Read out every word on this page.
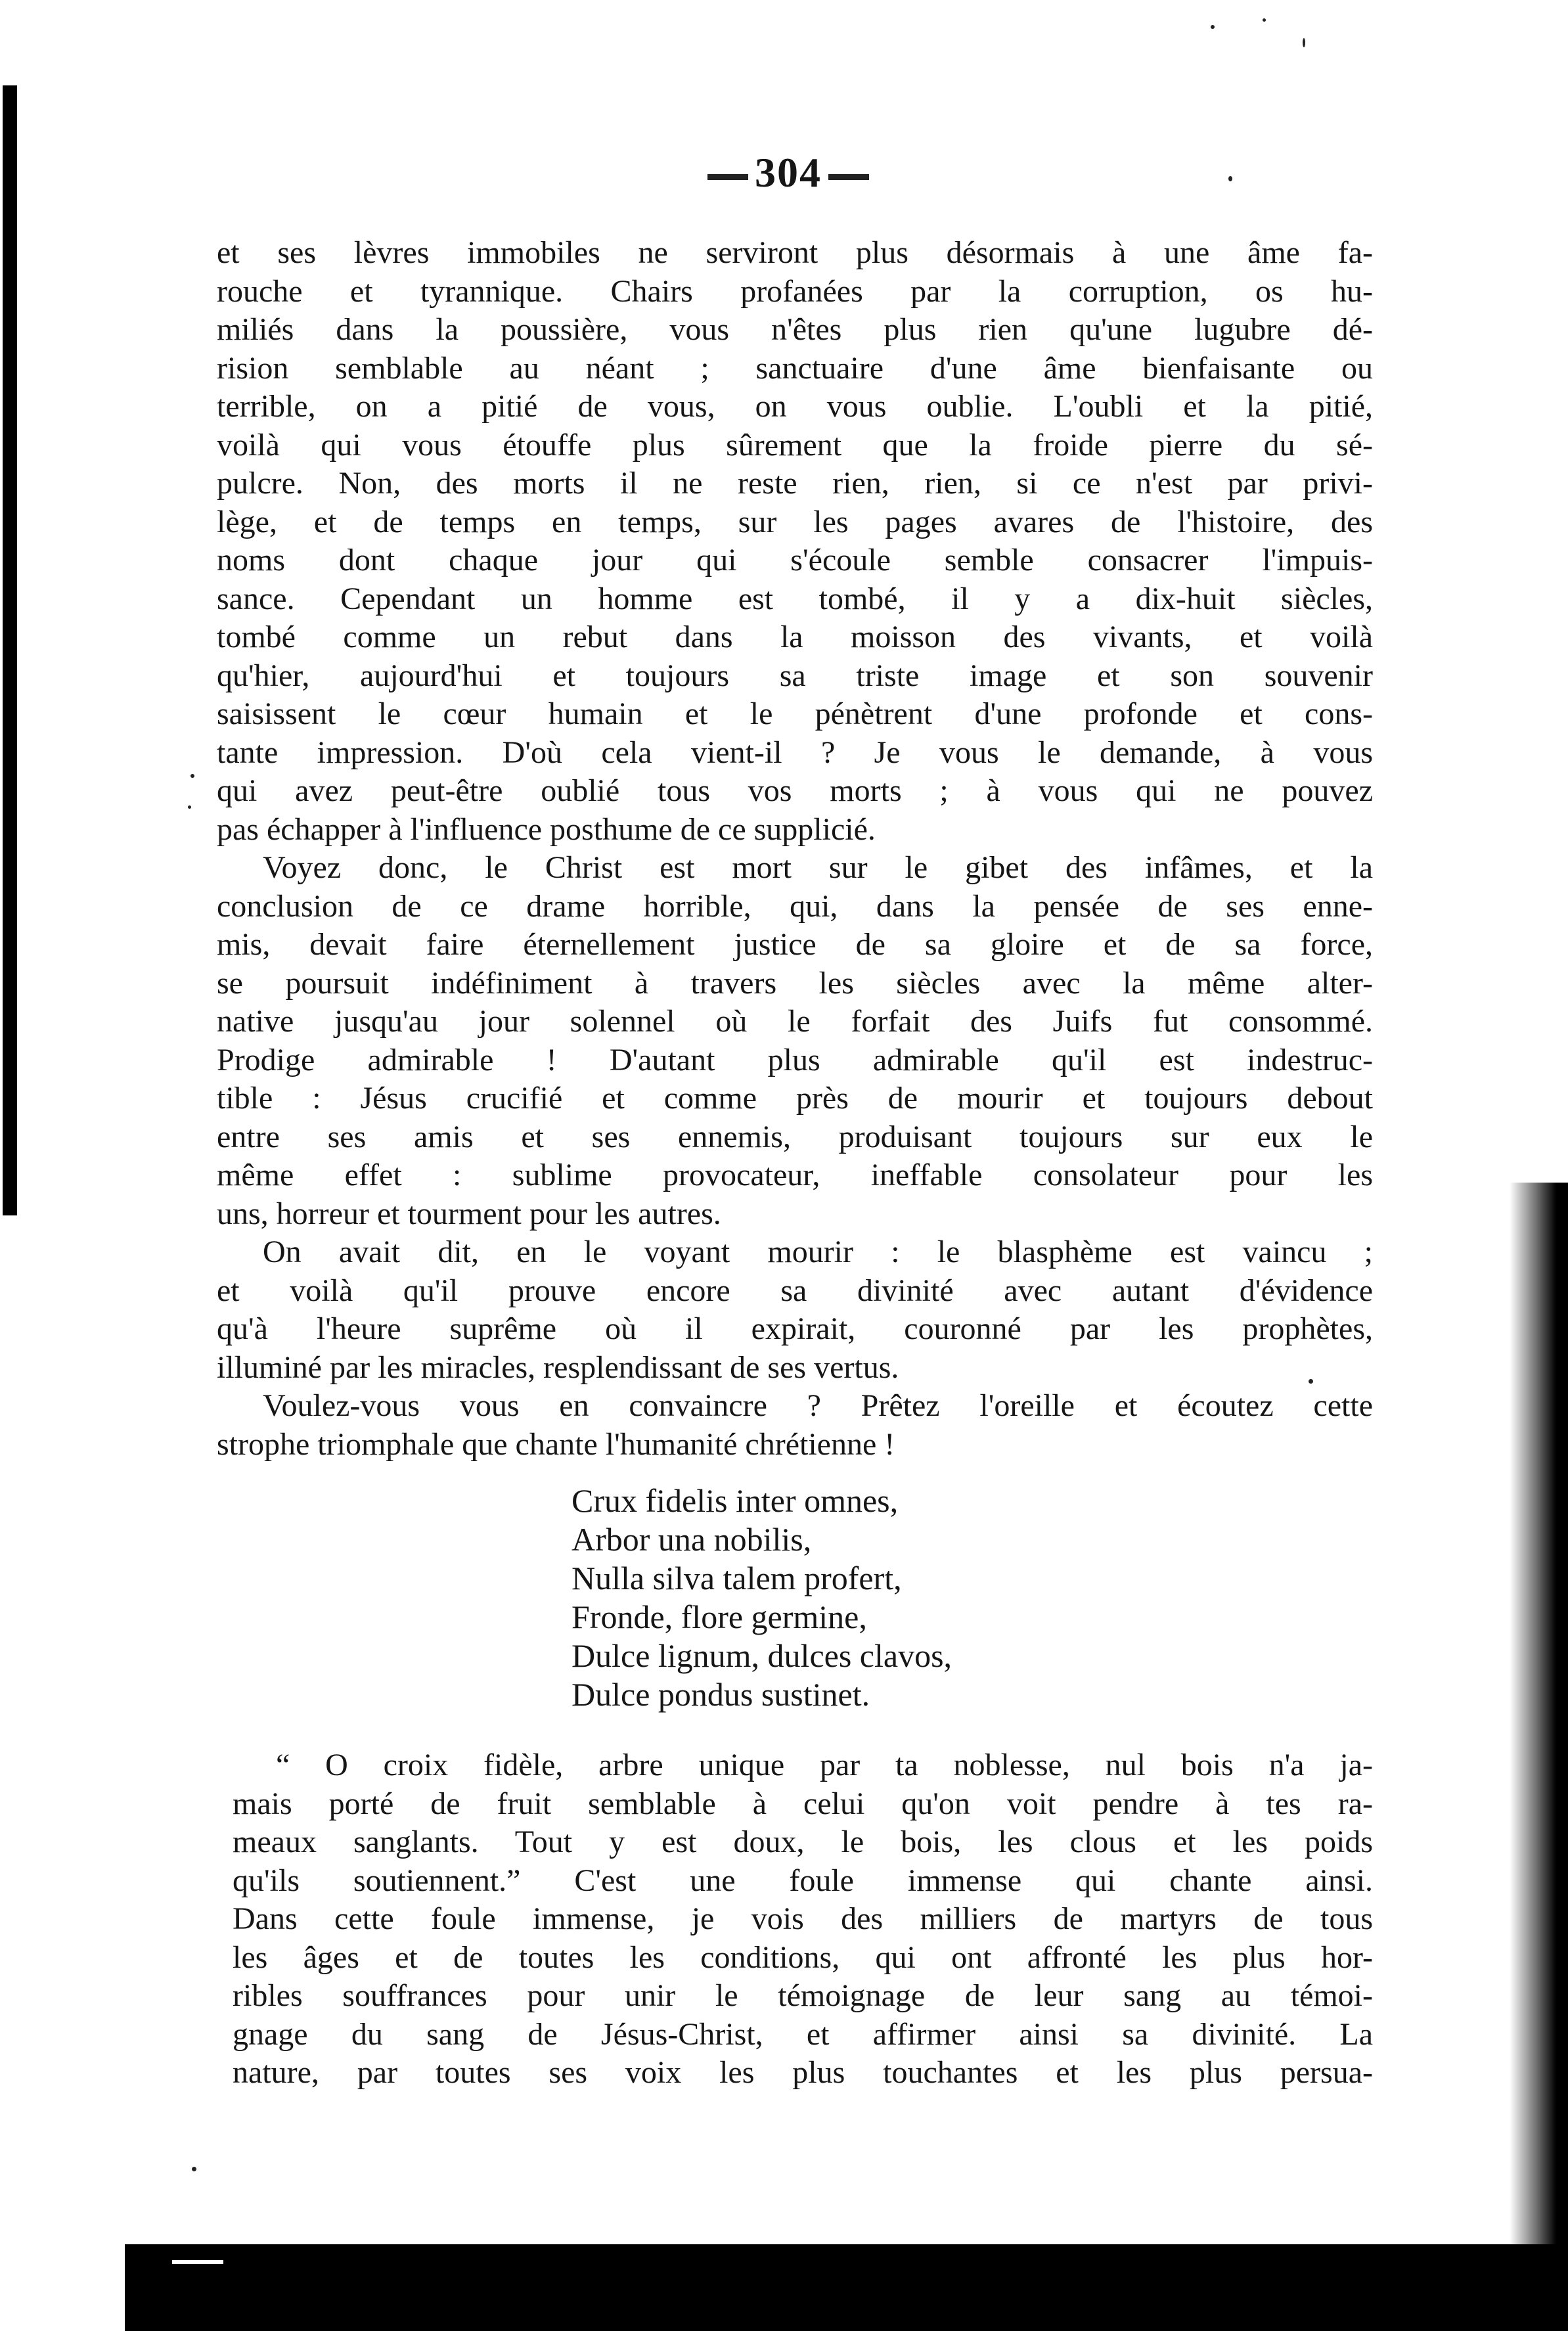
304

et ses lèvres immobiles ne serviront plus désormais à une âme fa-

rouche et tyrannique. Chairs profanées par la corruption, os hu-

miliés dans la poussière, vous n'êtes plus rien qu'une lugubre dé-

rision semblable au néant ; sanctuaire d'une âme bienfaisante ou

terrible, on a pitié de vous, on vous oublie. L'oubli et la pitié,

voilà qui vous étouffe plus sûrement que la froide pierre du sé-

pulcre. Non, des morts il ne reste rien, rien, si ce n'est par privi-

lège, et de temps en temps, sur les pages avares de l'histoire, des

noms dont chaque jour qui s'écoule semble consacrer l'impuis-

sance. Cependant un homme est tombé, il y a dix-huit siècles,

tombé comme un rebut dans la moisson des vivants, et voilà

qu'hier, aujourd'hui et toujours sa triste image et son souvenir

saisissent le cœur humain et le pénètrent d'une profonde et cons-

tante impression. D'où cela vient-il ? Je vous le demande, à vous

qui avez peut-être oublié tous vos morts ; à vous qui ne pouvez

pas échapper à l'influence posthume de ce supplicié.

Voyez donc, le Christ est mort sur le gibet des infâmes, et la

conclusion de ce drame horrible, qui, dans la pensée de ses enne-

mis, devait faire éternellement justice de sa gloire et de sa force,

se poursuit indéfiniment à travers les siècles avec la même alter-

native jusqu'au jour solennel où le forfait des Juifs fut consommé.

Prodige admirable ! D'autant plus admirable qu'il est indestruc-

tible : Jésus crucifié et comme près de mourir et toujours debout

entre ses amis et ses ennemis, produisant toujours sur eux le

même effet : sublime provocateur, ineffable consolateur pour les

uns, horreur et tourment pour les autres.

On avait dit, en le voyant mourir : le blasphème est vaincu ;

et voilà qu'il prouve encore sa divinité avec autant d'évidence

qu'à l'heure suprême où il expirait, couronné par les prophètes,

illuminé par les miracles, resplendissant de ses vertus.

Voulez-vous vous en convaincre ? Prêtez l'oreille et écoutez cette

strophe triomphale que chante l'humanité chrétienne !

Crux fidelis inter omnes,

Arbor una nobilis,

Nulla silva talem profert,

Fronde, flore germine,

Dulce lignum, dulces clavos,

Dulce pondus sustinet.

“ O croix fidèle, arbre unique par ta noblesse, nul bois n'a ja-

mais porté de fruit semblable à celui qu'on voit pendre à tes ra-

meaux sanglants. Tout y est doux, le bois, les clous et les poids

qu'ils soutiennent.” C'est une foule immense qui chante ainsi.

Dans cette foule immense, je vois des milliers de martyrs de tous

les âges et de toutes les conditions, qui ont affronté les plus hor-

ribles souffrances pour unir le témoignage de leur sang au témoi-

gnage du sang de Jésus-Christ, et affirmer ainsi sa divinité. La

nature, par toutes ses voix les plus touchantes et les plus persua-
